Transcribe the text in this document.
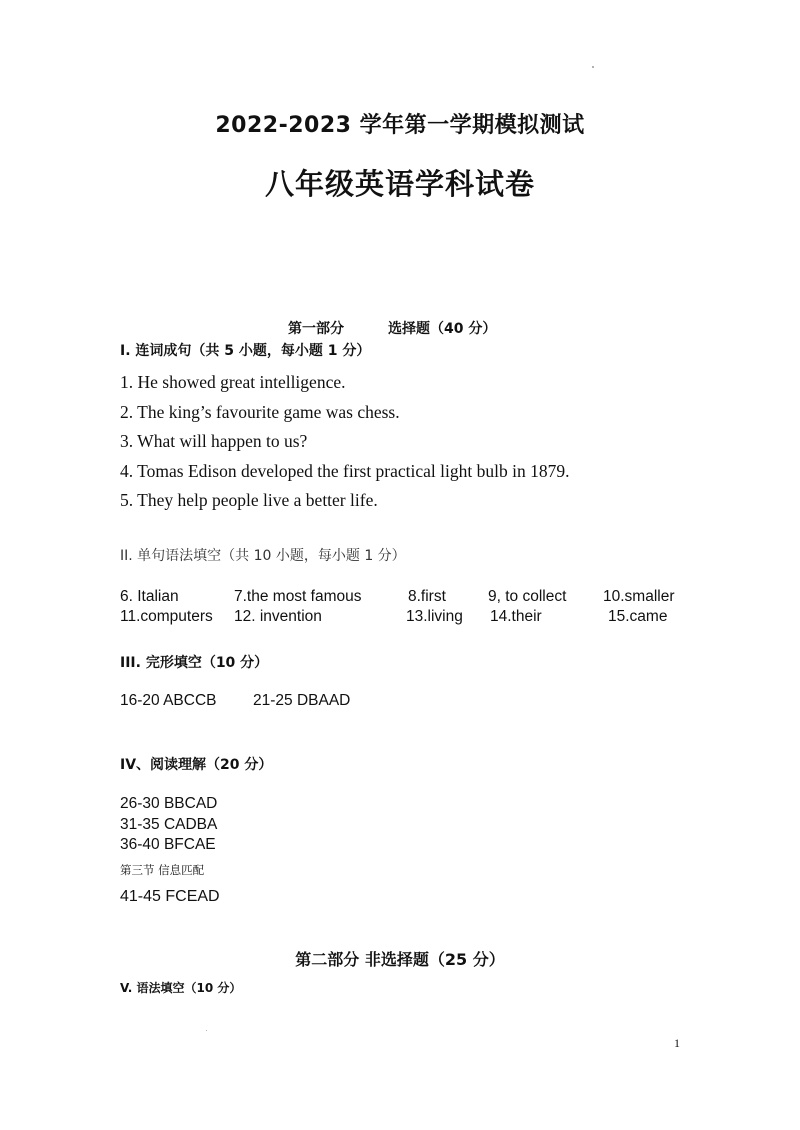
2022-2023 学年第一学期模拟测试
八年级英语学科试卷
第一部分	选择题（40 分）
I. 连词成句（共 5 小题，每小题 1 分）
1. He showed great intelligence.
2. The king’s favourite game was chess.
3. What will happen to us?
4. Tomas Edison developed the first practical light bulb in 1879.
5. They help people live a better life.
II. 单句语法填空（共 10 小题，每小题 1 分）
6. Italian	7.the most famous	8.first	9, to collect 10.smaller
11.computers 12. invention	13.living 14.their	15.came
III. 完形填空（10 分）
16-20 ABCCB 21-25 DBAAD
IV、阅读理解（20 分）
26-30 BBCAD
31-35 CADBA
36-40 BFCAE
第三节 信息匹配
41-45 FCEAD
第二部分 非选择题（25 分）
V. 语法填空（10 分）
1
